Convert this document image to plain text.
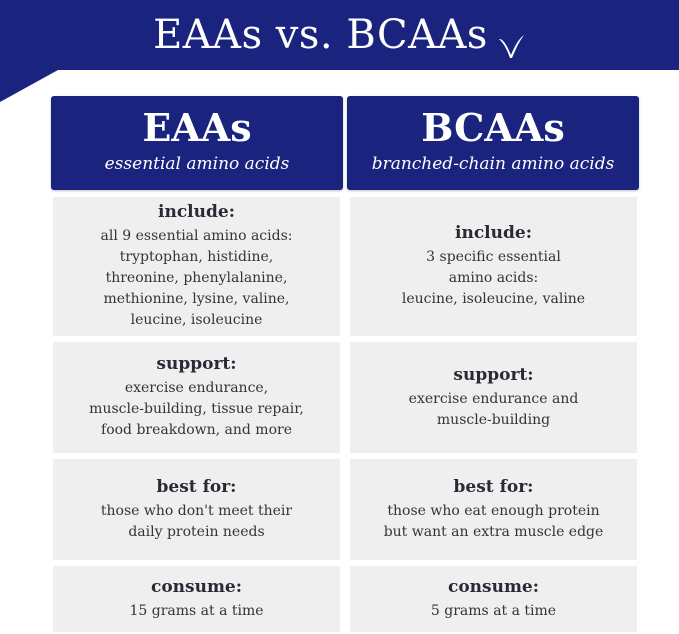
EAAs vs. BCAAs
EAAs
essential amino acids
include:
all 9 essential amino acids:
tryptophan, histidine,
threonine, phenylalanine,
methionine, lysine, valine,
leucine, isoleucine
support:
exercise endurance,
muscle-building, tissue repair,
food breakdown, and more
best for:
those who don't meet their
daily protein needs
consume:
15 grams at a time
BCAAs
branched-chain amino acids
include:
3 specific essential
amino acids:
leucine, isoleucine, valine
support:
exercise endurance and
muscle-building
best for:
those who eat enough protein
but want an extra muscle edge
consume:
5 grams at a time
